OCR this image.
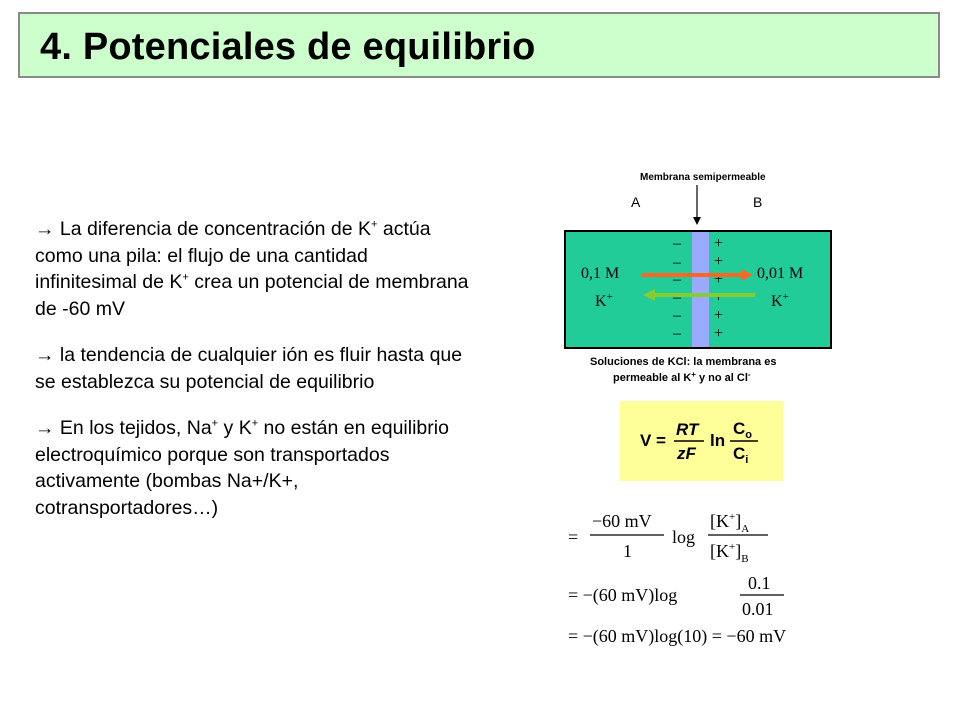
4. Potenciales de equilibrio

→ La diferencia de concentración de K+ actúa como una pila: el flujo de una cantidad infinitesimal de K+ crea un potencial de membrana de -60 mV

→ la tendencia de cualquier ión es fluir hasta que se establezca su potencial de equilibrio

→ En los tejidos, Na+ y K+ no están en equilibrio electroquímico porque son transportados activamente (bombas Na+/K+, cotransportadores…)

Membrana semipermeable
A	B
–
–
–
–
–
–
+
+
+
+
+
+
0,1 M	0,01 M
K+	K+
Soluciones de KCl: la membrana es
permeable al K+ y no al Cl-
V =
RT
zF
ln
$C_o$
$C_i$
=
−60 mV
1
log
$[K^+]_A$
$[K^+]_B$
= −(60 mV)log
0.1
0.01
= −(60 mV)log(10) = −60 mV
